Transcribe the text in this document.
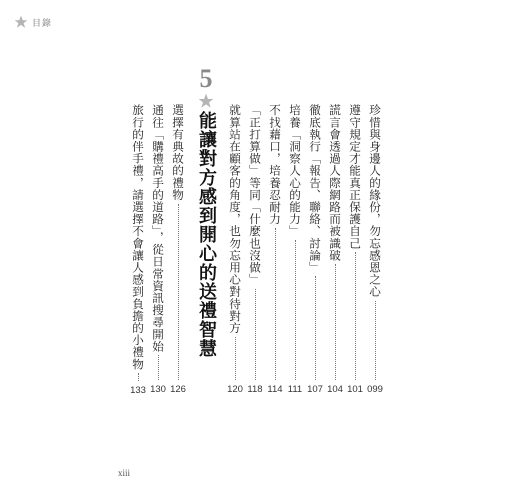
目錄
珍惜與身邊人的緣份，勿忘感恩之心
099
遵守規定才能真正保護自己
101
謊言會透過人際網路而被識破
104
徹底執行「報告、聯絡、討論」
107
培養「洞察人心的能力」
111
不找藉口，培養忍耐力
114
「正打算做」等同「什麼也沒做」
118
就算站在顧客的角度，也勿忘用心對待對方
120
5
能讓對方感到開心的送禮智慧
選擇有典故的禮物
126
通往「購禮高手的道路」，從日常資訊搜尋開始
130
旅行的伴手禮，請選擇不會讓人感到負擔的小禮物
133
xiii
